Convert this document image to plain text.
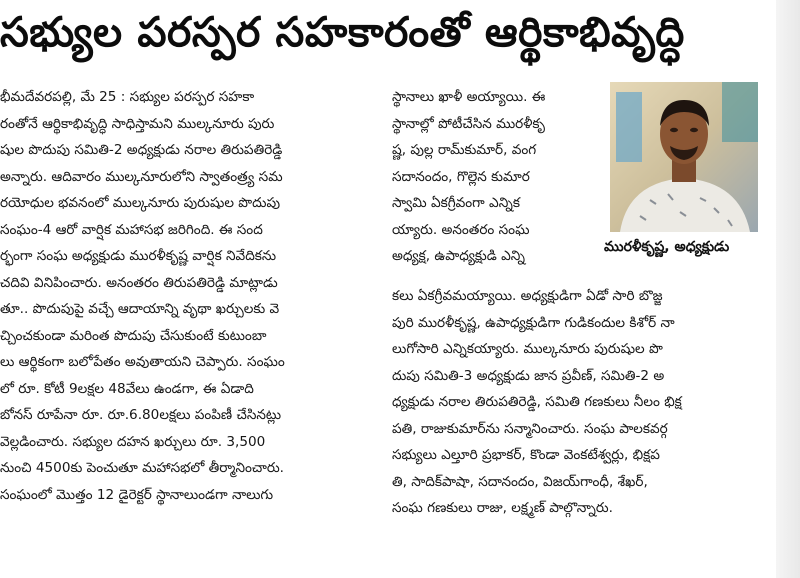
సభ్యుల పరస్పర సహకారంతో ఆర్థికాభివృద్ధి
భీమదేవరపల్లి, మే 25 : సభ్యుల పరస్పర సహకా
రంతోనే ఆర్థికాభివృద్ధి సాధిస్తామని ముల్కనూరు పురు
షుల పొదుపు సమితి-2 అధ్యక్షుడు నరాల తిరుపతిరెడ్డి
అన్నారు. ఆదివారం ముల్కనూరులోని స్వాతంత్ర్య సమ
రయోధుల భవనంలో ముల్కనూరు పురుషుల పొదుపు
సంఘం-4 ఆరో వార్షిక మహాసభ జరిగింది. ఈ సంద
ర్భంగా సంఘ అధ్యక్షుడు మురళీకృష్ణ వార్షిక నివేదికను
చదివి వినిపించారు. అనంతరం తిరుపతిరెడ్డి మాట్లాడు
తూ.. పొదుపుపై వచ్చే ఆదాయాన్ని వృథా ఖర్చులకు వె
చ్చించకుండా మరింత పొదుపు చేసుకుంటే కుటుంబా
లు ఆర్థికంగా బలోపేతం అవుతాయని చెప్పారు. సంఘం
లో రూ. కోటీ 9లక్షల 48వేలు ఉండగా, ఈ ఏడాది
బోనస్ రూపేనా రూ. రూ.6.80లక్షలు పంపిణీ చేసినట్లు
వెల్లడించారు. సభ్యుల దహన ఖర్చులు రూ. 3,500
నుంచి 4500కు పెంచుతూ మహాసభలో తీర్మానించారు.
సంఘంలో మొత్తం 12 డైరెక్టర్ స్థానాలుండగా నాలుగు
స్థానాలు ఖాళీ అయ్యాయి. ఈ
స్థానాల్లో పోటీచేసిన మురళీకృ
ష్ణ, పుల్ల రామ్‌కుమార్, వంగ
సదానందం, గొల్లెన కుమార
స్వామి ఏకగ్రీవంగా ఎన్నిక
య్యారు. అనంతరం సంఘ
అధ్యక్ష, ఉపాధ్యక్షుడి ఎన్ని
మురళీకృష్ణ, అధ్యక్షుడు
కలు ఏకగ్రీవమయ్యాయి. అధ్యక్షుడిగా ఏడో సారి బొజ్జ
పురి మురళీకృష్ణ, ఉపాధ్యక్షుడిగా గుడికందుల కిశోర్ నా
లుగోసారి ఎన్నికయ్యారు. ముల్కనూరు పురుషుల పొ
దుపు సమితి-3 అధ్యక్షుడు జాన ప్రవీణ్, సమితి-2 అ
ధ్యక్షుడు నరాల తిరుపతిరెడ్డి, సమితి గణకులు నీలం భిక్ష
పతి, రాజుకుమార్‌ను సన్మానించారు. సంఘ పాలకవర్గ
సభ్యులు ఎల్తూరి ప్రభాకర్, కొండా వెంకటేశ్వర్లు, భిక్షప
తి, సాదిక్‌పాషా, సదానందం, విజయ్‌గాంధీ, శేఖర్,
సంఘ గణకులు రాజు, లక్ష్మణ్ పాల్గొన్నారు.
